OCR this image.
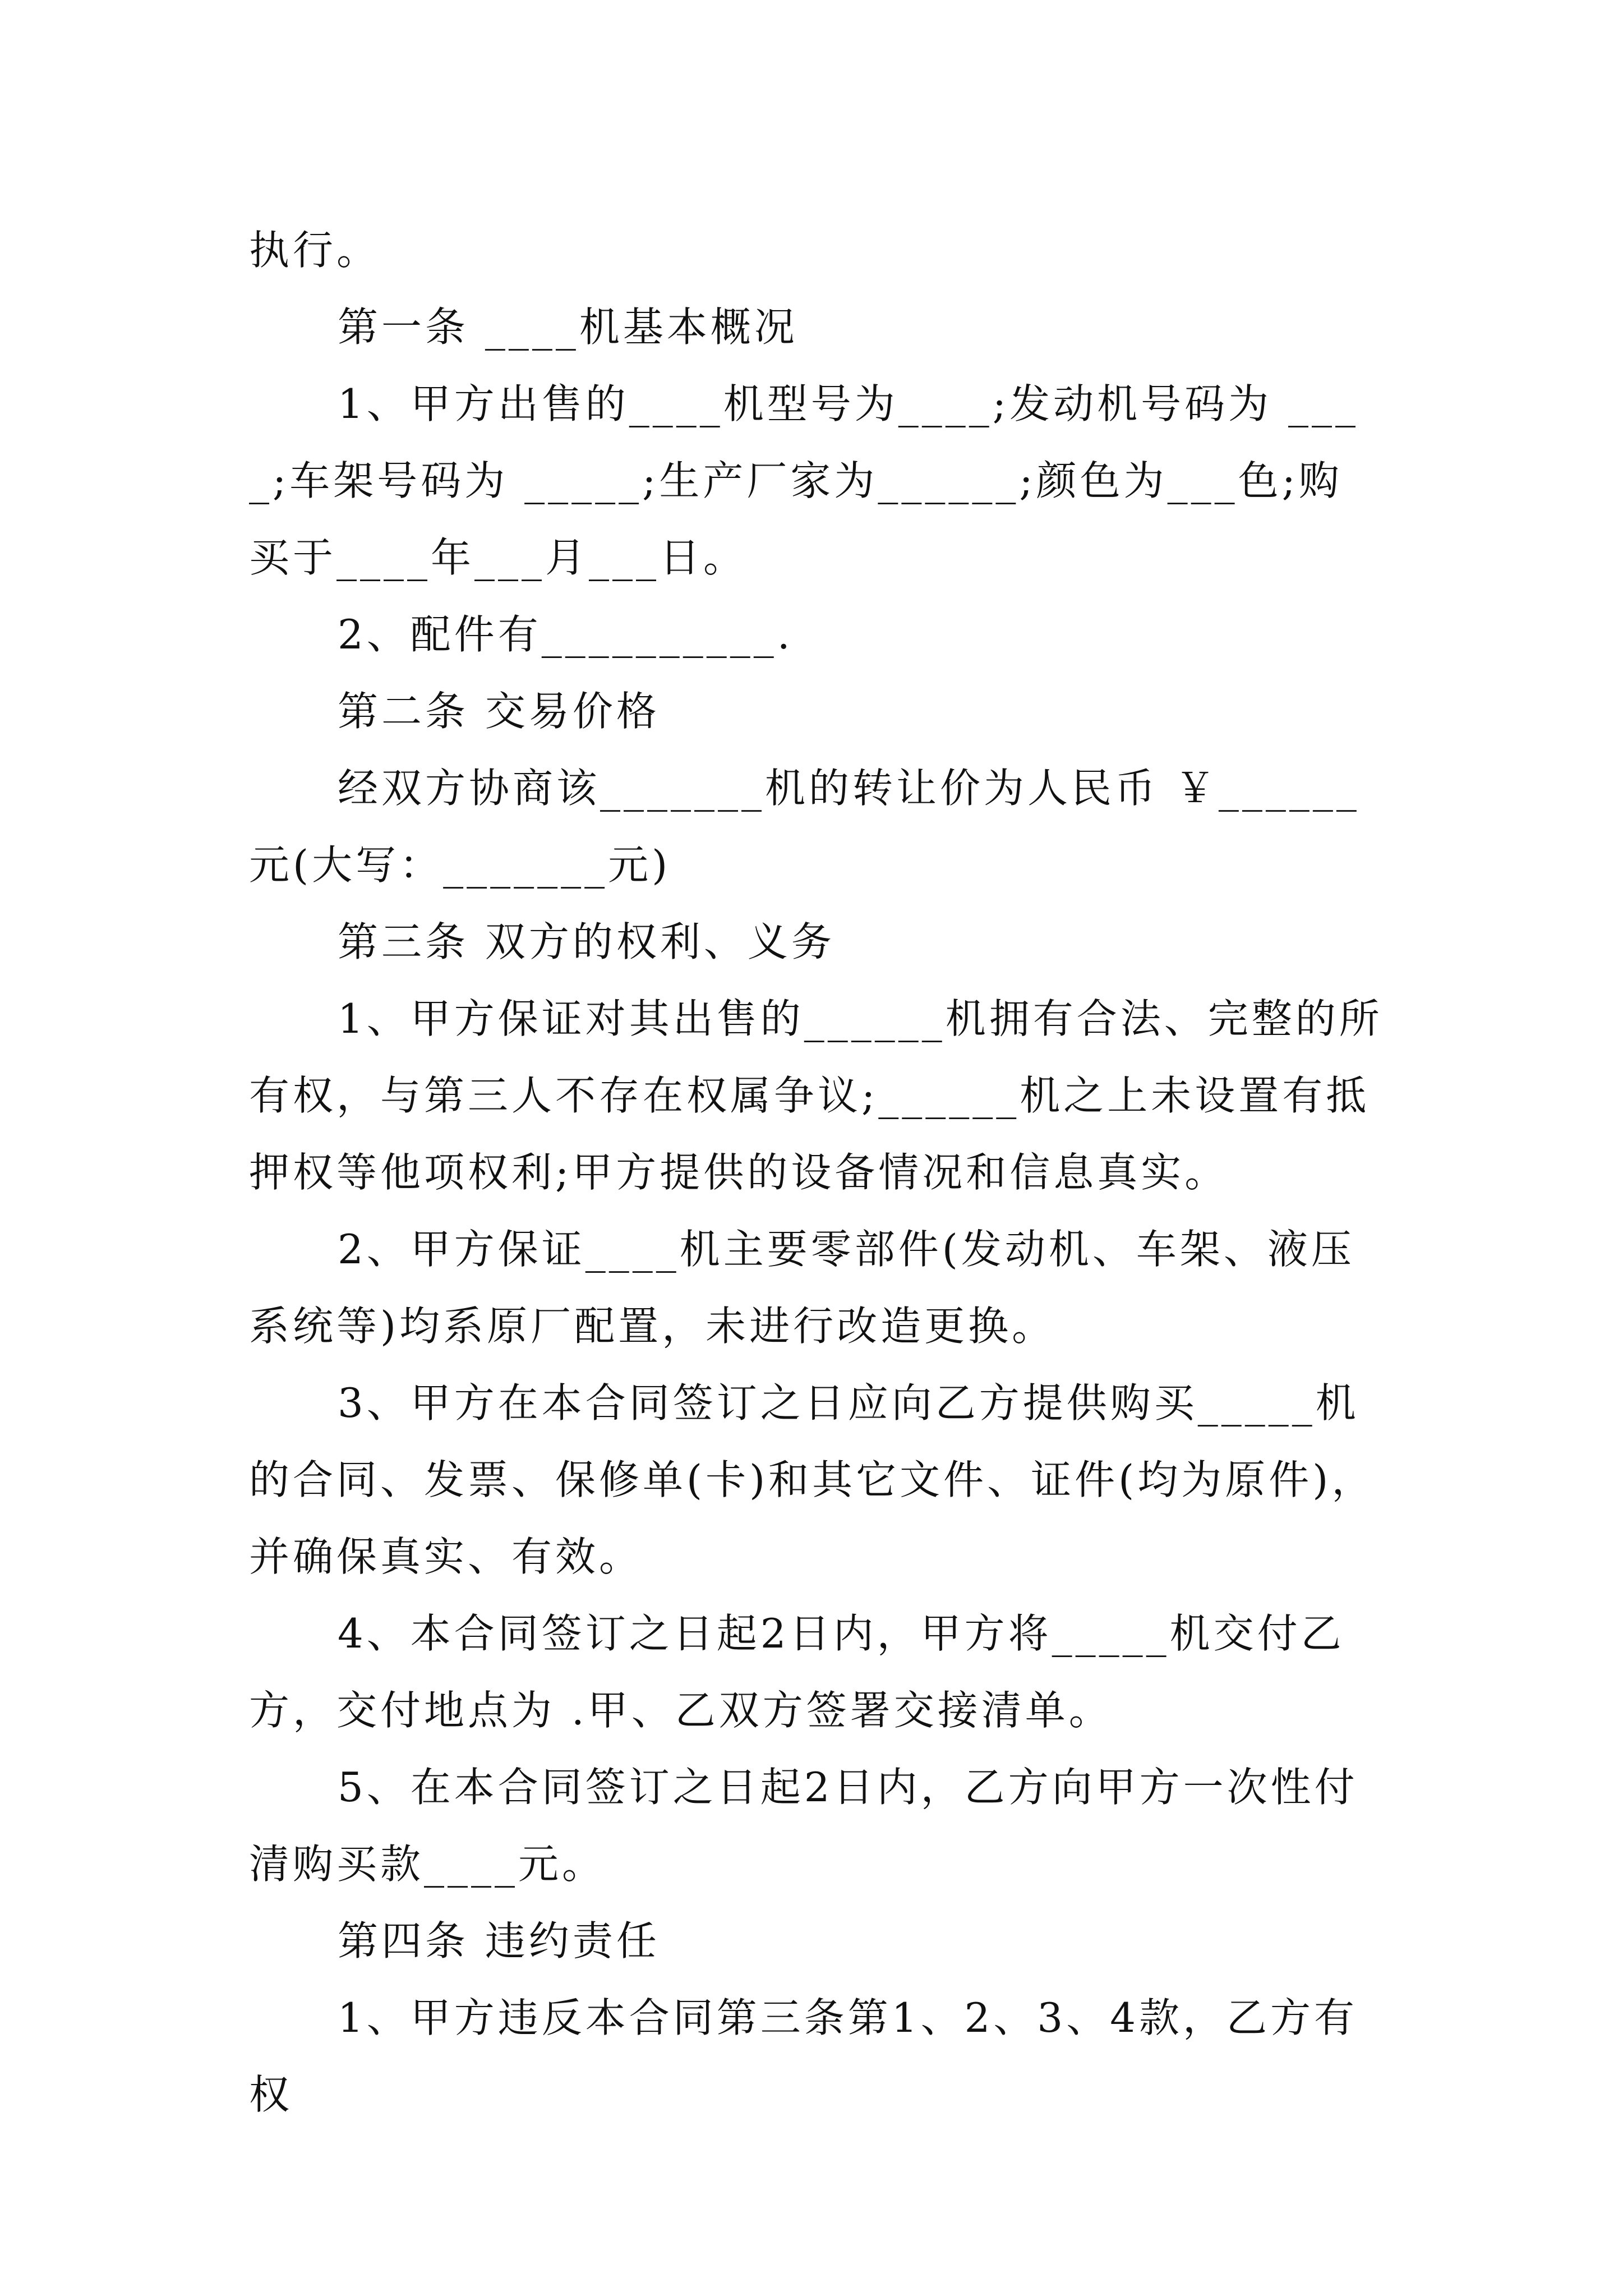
执行。

第一条 ____机基本概况

1、甲方出售的____机型号为____;发动机号码为 ____;车架号码为 _____;生产厂家为______;颜色为___色;购买于____年___月___日。

2、配件有__________.

第二条 交易价格

经双方协商该_______机的转让价为人民币 ￥______元(大写：_______元)

第三条 双方的权利、义务

1、甲方保证对其出售的______机拥有合法、完整的所有权，与第三人不存在权属争议;______机之上未设置有抵押权等他项权利;甲方提供的设备情况和信息真实。

2、甲方保证____机主要零部件(发动机、车架、液压系统等)均系原厂配置，未进行改造更换。

3、甲方在本合同签订之日应向乙方提供购买_____机的合同、发票、保修单(卡)和其它文件、证件(均为原件)，并确保真实、有效。

4、本合同签订之日起2日内，甲方将_____机交付乙方，交付地点为 .甲、乙双方签署交接清单。

5、在本合同签订之日起2日内，乙方向甲方一次性付清购买款____元。

第四条 违约责任

1、甲方违反本合同第三条第1、2、3、4款，乙方有权
